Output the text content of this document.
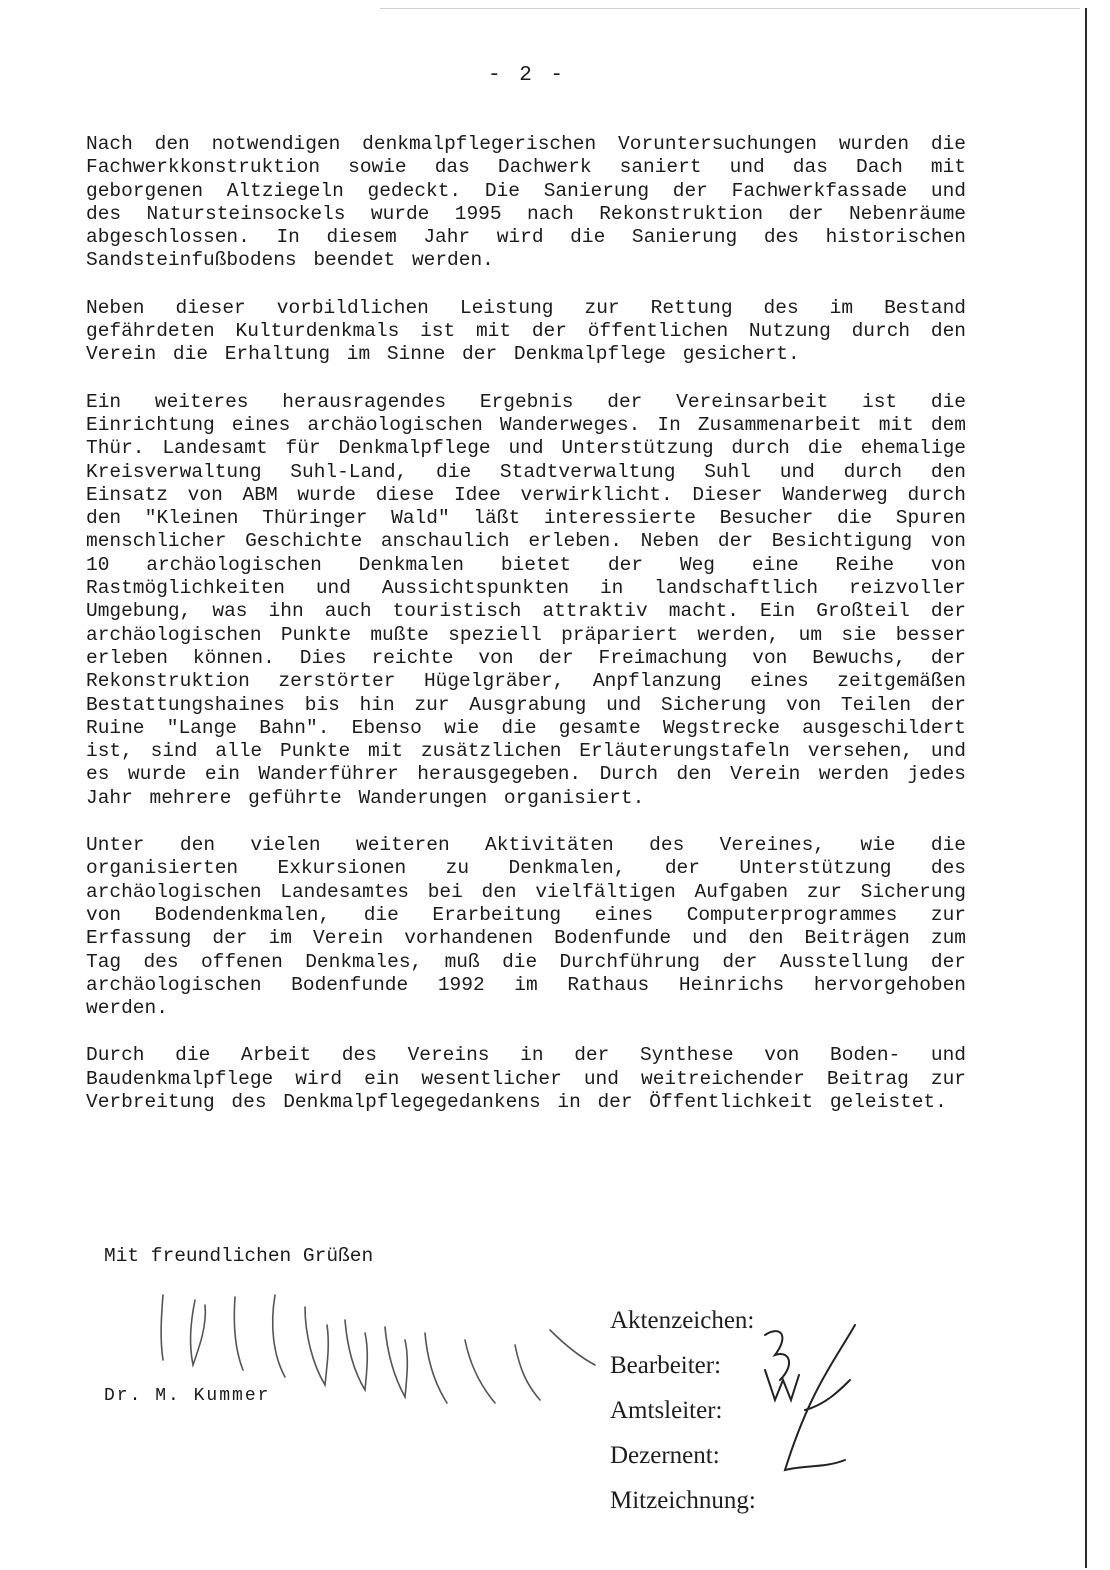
- 2 -

Nach den notwendigen denkmalpflegerischen Voruntersuchungen wurden die Fachwerkkonstruktion sowie das Dachwerk saniert und das Dach mit geborgenen Altziegeln gedeckt. Die Sanierung der Fachwerkfassade und des Natursteinsockels wurde 1995 nach Rekonstruktion der Nebenräume abgeschlossen. In diesem Jahr wird die Sanierung des historischen Sandsteinfußbodens beendet werden.

Neben dieser vorbildlichen Leistung zur Rettung des im Bestand gefährdeten Kulturdenkmals ist mit der öffentlichen Nutzung durch den Verein die Erhaltung im Sinne der Denkmalpflege gesichert.

Ein weiteres herausragendes Ergebnis der Vereinsarbeit ist die Einrichtung eines archäologischen Wanderweges. In Zusammenarbeit mit dem Thür. Landesamt für Denkmalpflege und Unterstützung durch die ehemalige Kreisverwaltung Suhl-Land, die Stadtverwaltung Suhl und durch den Einsatz von ABM wurde diese Idee verwirklicht. Dieser Wanderweg durch den "Kleinen Thüringer Wald" läßt interessierte Besucher die Spuren menschlicher Geschichte anschaulich erleben. Neben der Besichtigung von 10 archäologischen Denkmalen bietet der Weg eine Reihe von Rastmöglichkeiten und Aussichtspunkten in landschaftlich reizvoller Umgebung, was ihn auch touristisch attraktiv macht. Ein Großteil der archäologischen Punkte mußte speziell präpariert werden, um sie besser erleben können. Dies reichte von der Freimachung von Bewuchs, der Rekonstruktion zerstörter Hügelgräber, Anpflanzung eines zeitgemäßen Bestattungshaines bis hin zur Ausgrabung und Sicherung von Teilen der Ruine "Lange Bahn". Ebenso wie die gesamte Wegstrecke ausgeschildert ist, sind alle Punkte mit zusätzlichen Erläuterungstafeln versehen, und es wurde ein Wanderführer herausgegeben. Durch den Verein werden jedes Jahr mehrere geführte Wanderungen organisiert.

Unter den vielen weiteren Aktivitäten des Vereines, wie die organisierten Exkursionen zu Denkmalen, der Unterstützung des archäologischen Landesamtes bei den vielfältigen Aufgaben zur Sicherung von Bodendenkmalen, die Erarbeitung eines Computerprogrammes zur Erfassung der im Verein vorhandenen Bodenfunde und den Beiträgen zum Tag des offenen Denkmales, muß die Durchführung der Ausstellung der archäologischen Bodenfunde 1992 im Rathaus Heinrichs hervorgehoben werden.

Durch die Arbeit des Vereins in der Synthese von Boden- und Baudenkmalpflege wird ein wesentlicher und weitreichender Beitrag zur Verbreitung des Denkmalpflegegedankens in der Öffentlichkeit geleistet.

Mit freundlichen Grüßen
Dr. M. Kummer
Aktenzeichen:
Bearbeiter:
Amtsleiter:
Dezernent:
Mitzeichnung:
